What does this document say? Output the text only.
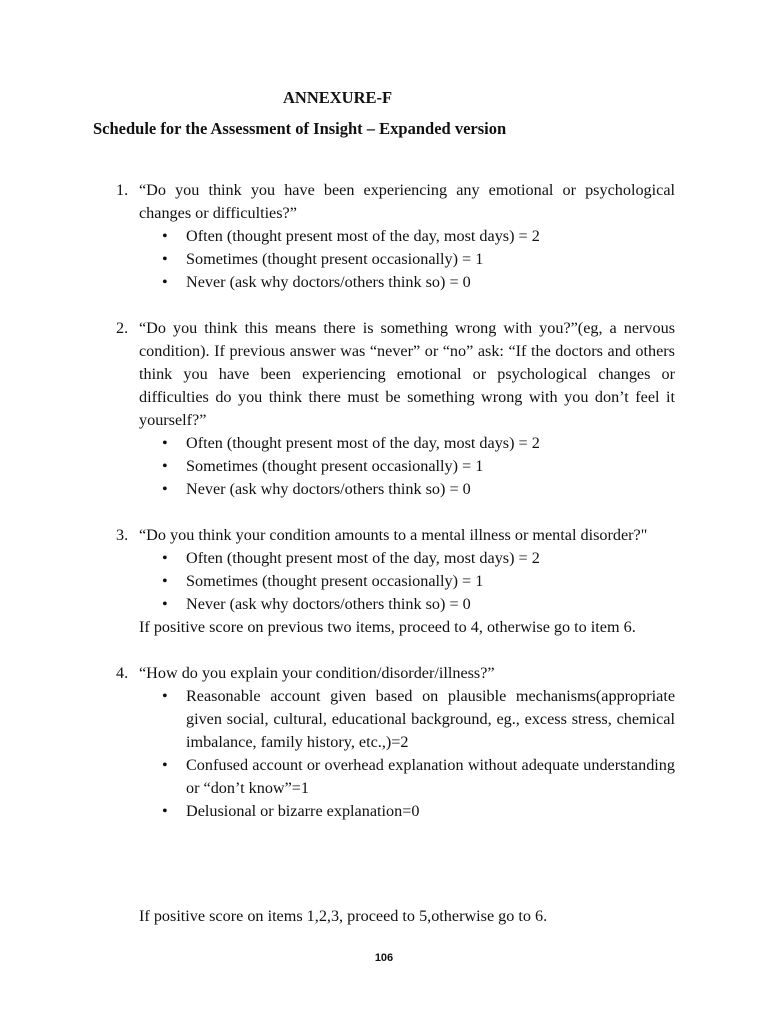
ANNEXURE-F
Schedule for the Assessment of Insight – Expanded version
1. “Do you think you have been experiencing any emotional or psychological changes or difficulties?”
• Often (thought present most of the day, most days) = 2
• Sometimes (thought present occasionally) = 1
• Never (ask why doctors/others think so) = 0
2. “Do you think this means there is something wrong with you?”(eg, a nervous condition). If previous answer was “never” or “no” ask: “If the doctors and others think you have been experiencing emotional or psychological changes or difficulties do you think there must be something wrong with you don’t feel it yourself?”
• Often (thought present most of the day, most days) = 2
• Sometimes (thought present occasionally) = 1
• Never (ask why doctors/others think so) = 0
3. “Do you think your condition amounts to a mental illness or mental disorder?"
• Often (thought present most of the day, most days) = 2
• Sometimes (thought present occasionally) = 1
• Never (ask why doctors/others think so) = 0
If positive score on previous two items, proceed to 4, otherwise go to item 6.
4. “How do you explain your condition/disorder/illness?”
• Reasonable account given based on plausible mechanisms(appropriate given social, cultural, educational background, eg., excess stress, chemical imbalance, family history, etc.,)=2
• Confused account or overhead explanation without adequate understanding or “don’t know”=1
• Delusional or bizarre explanation=0

If positive score on items 1,2,3, proceed to 5,otherwise go to 6.

106
